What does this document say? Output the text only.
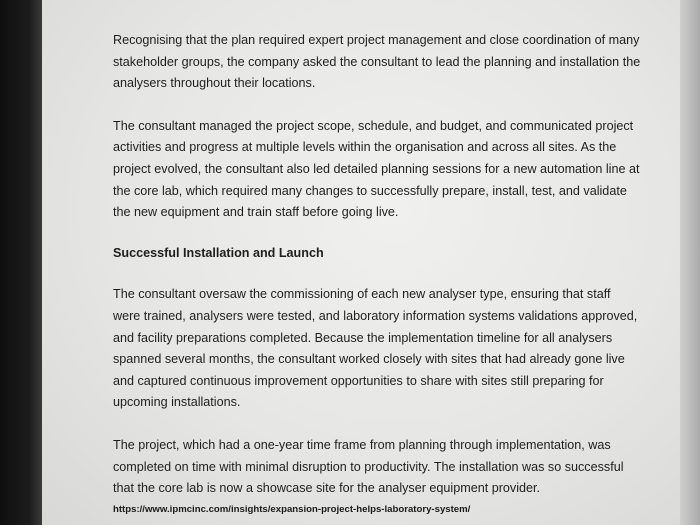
Recognising that the plan required expert project management and close coordination of many stakeholder groups, the company asked the consultant to lead the planning and installation the analysers throughout their locations.

The consultant managed the project scope, schedule, and budget, and communicated project activities and progress at multiple levels within the organisation and across all sites. As the project evolved, the consultant also led detailed planning sessions for a new automation line at the core lab, which required many changes to successfully prepare, install, test, and validate the new equipment and train staff before going live.

Successful Installation and Launch

The consultant oversaw the commissioning of each new analyser type, ensuring that staff were trained, analysers were tested, and laboratory information systems validations approved, and facility preparations completed. Because the implementation timeline for all analysers spanned several months, the consultant worked closely with sites that had already gone live and captured continuous improvement opportunities to share with sites still preparing for upcoming installations.

The project, which had a one-year time frame from planning through implementation, was completed on time with minimal disruption to productivity. The installation was so successful that the core lab is now a showcase site for the analyser equipment provider.

https://www.ipmcinc.com/insights/expansion-project-helps-laboratory-system/
